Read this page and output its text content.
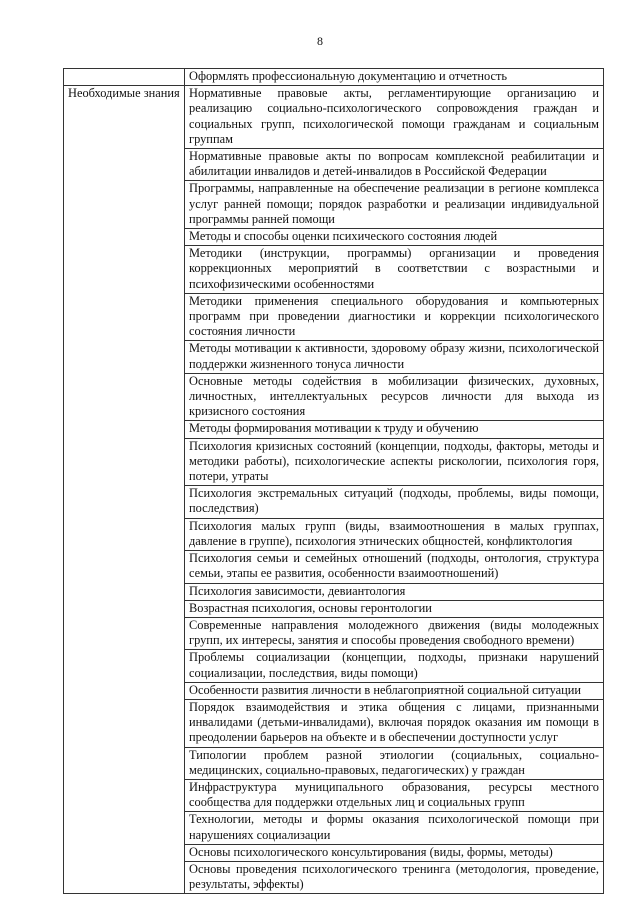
8
	Оформлять профессиональную документацию и отчетность
Необходимые знания	Нормативные правовые акты, регламентирующие организацию и реализацию социально-психологического сопровождения граждан и социальных групп, психологической помощи гражданам и социальным группам
	Нормативные правовые акты по вопросам комплексной реабилитации и абилитации инвалидов и детей-инвалидов в Российской Федерации
	Программы, направленные на обеспечение реализации в регионе комплекса услуг ранней помощи; порядок разработки и реализации индивидуальной программы ранней помощи
	Методы и способы оценки психического состояния людей
	Методики (инструкции, программы) организации и проведения коррекционных мероприятий в соответствии с возрастными и психофизическими особенностями
	Методики применения специального оборудования и компьютерных программ при проведении диагностики и коррекции психологического состояния личности
	Методы мотивации к активности, здоровому образу жизни, психологической поддержки жизненного тонуса личности
	Основные методы содействия в мобилизации физических, духовных, личностных, интеллектуальных ресурсов личности для выхода из кризисного состояния
	Методы формирования мотивации к труду и обучению
	Психология кризисных состояний (концепции, подходы, факторы, методы и методики работы), психологические аспекты рискологии, психология горя, потери, утраты
	Психология экстремальных ситуаций (подходы, проблемы, виды помощи, последствия)
	Психология малых групп (виды, взаимоотношения в малых группах, давление в группе), психология этнических общностей, конфликтология
	Психология семьи и семейных отношений (подходы, онтология, структура семьи, этапы ее развития, особенности взаимоотношений)
	Психология зависимости, девиантология
	Возрастная психология, основы геронтологии
	Современные направления молодежного движения (виды молодежных групп, их интересы, занятия и способы проведения свободного времени)
	Проблемы социализации (концепции, подходы, признаки нарушений социализации, последствия, виды помощи)
	Особенности развития личности в неблагоприятной социальной ситуации
	Порядок взаимодействия и этика общения с лицами, признанными инвалидами (детьми-инвалидами), включая порядок оказания им помощи в преодолении барьеров на объекте и в обеспечении доступности услуг
	Типологии проблем разной этиологии (социальных, социально-медицинских, социально-правовых, педагогических) у граждан
	Инфраструктура муниципального образования, ресурсы местного сообщества для поддержки отдельных лиц и социальных групп
	Технологии, методы и формы оказания психологической помощи при нарушениях социализации
	Основы психологического консультирования (виды, формы, методы)
	Основы проведения психологического тренинга (методология, проведение, результаты, эффекты)
